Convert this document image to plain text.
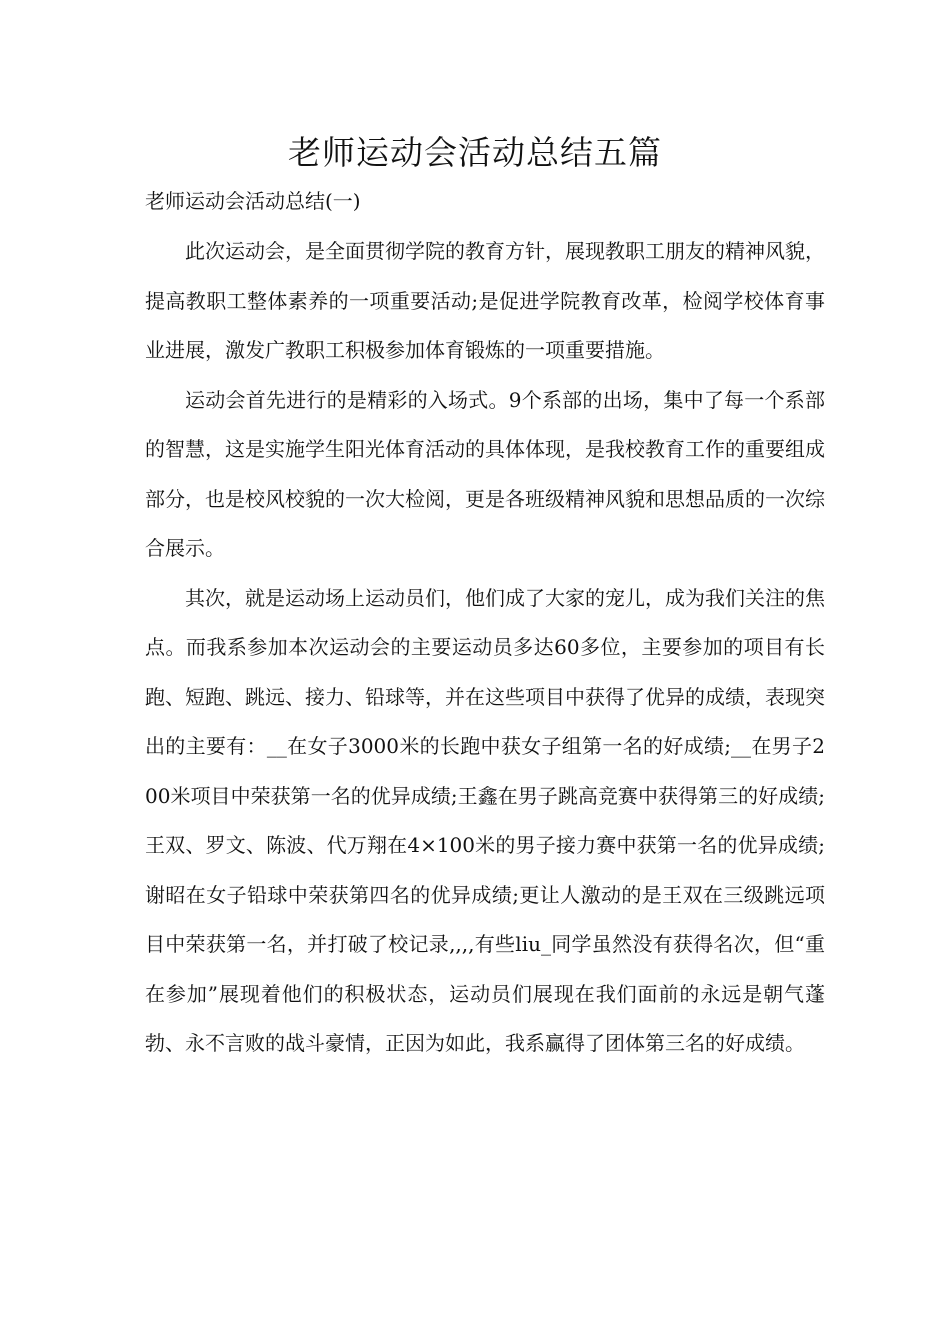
老师运动会活动总结五篇

老师运动会活动总结(一)

此次运动会，是全面贯彻学院的教育方针，展现教职工朋友的精神风貌，提高教职工整体素养的一项重要活动;是促进学院教育改革，检阅学校体育事业进展，激发广教职工积极参加体育锻炼的一项重要措施。

运动会首先进行的是精彩的入场式。9个系部的出场，集中了每一个系部的智慧，这是实施学生阳光体育活动的具体体现，是我校教育工作的重要组成部分，也是校风校貌的一次大检阅，更是各班级精神风貌和思想品质的一次综合展示。

其次，就是运动场上运动员们，他们成了大家的宠儿，成为我们关注的焦点。而我系参加本次运动会的主要运动员多达60多位，主要参加的项目有长跑、短跑、跳远、接力、铅球等，并在这些项目中获得了优异的成绩，表现突出的主要有：__在女子3000米的长跑中获女子组第一名的好成绩;__在男子200米项目中荣获第一名的优异成绩;王鑫在男子跳高竞赛中获得第三的好成绩;王双、罗文、陈波、代万翔在4×100米的男子接力赛中获第一名的优异成绩;谢昭在女子铅球中荣获第四名的优异成绩;更让人激动的是王双在三级跳远项目中荣获第一名，并打破了校记录,,,,有些liu_同学虽然没有获得名次，但“重在参加”展现着他们的积极状态，运动员们展现在我们面前的永远是朝气蓬勃、永不言败的战斗豪情，正因为如此，我系赢得了团体第三名的好成绩。
